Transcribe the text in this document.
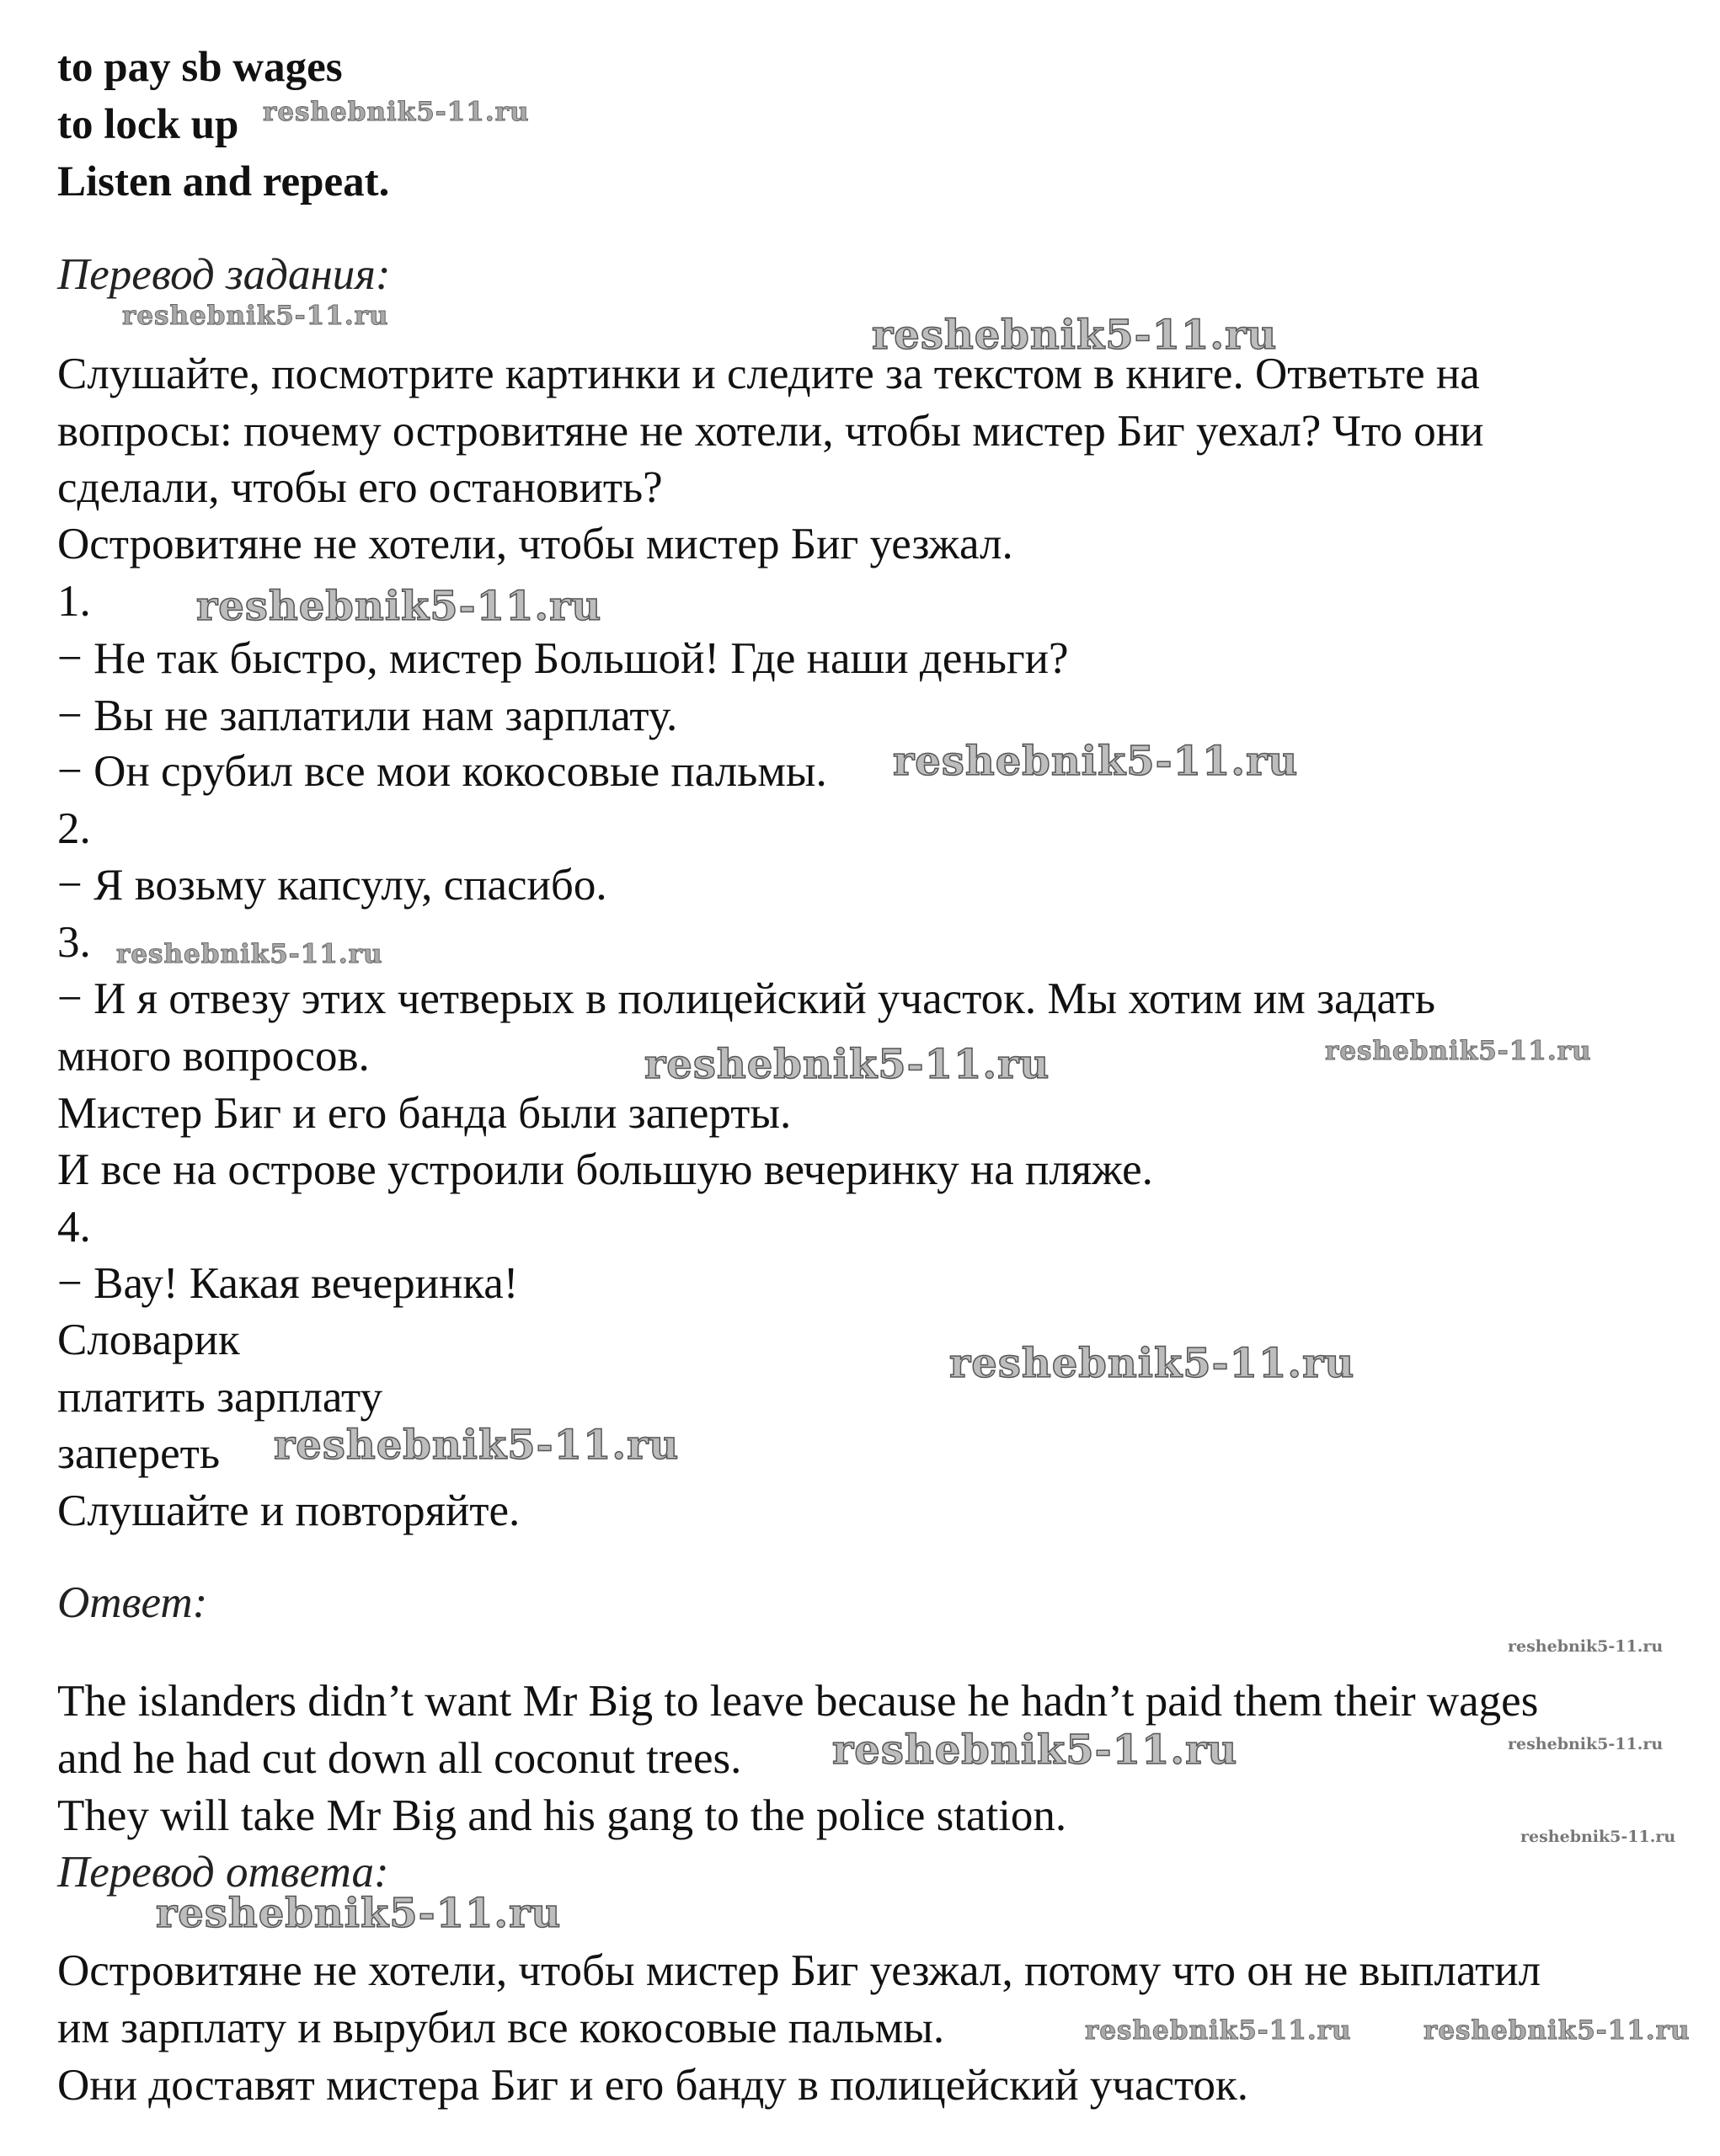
to pay sb wages
to lock up
Listen and repeat.
Перевод задания:
Слушайте, посмотрите картинки и следите за текстом в книге. Ответьте на
вопросы: почему островитяне не хотели, чтобы мистер Биг уехал? Что они
сделали, чтобы его остановить?
Островитяне не хотели, чтобы мистер Биг уезжал.
1.
− Не так быстро, мистер Большой! Где наши деньги?
− Вы не заплатили нам зарплату.
− Он срубил все мои кокосовые пальмы.
2.
− Я возьму капсулу, спасибо.
3.
− И я отвезу этих четверых в полицейский участок. Мы хотим им задать
много вопросов.
Мистер Биг и его банда были заперты.
И все на острове устроили большую вечеринку на пляже.
4.
− Вау! Какая вечеринка!
Словарик
платить зарплату
запереть
Слушайте и повторяйте.
Ответ:
The islanders didn’t want Mr Big to leave because he hadn’t paid them their wages
and he had cut down all coconut trees.
They will take Mr Big and his gang to the police station.
Перевод ответа:
Островитяне не хотели, чтобы мистер Биг уезжал, потому что он не выплатил
им зарплату и вырубил все кокосовые пальмы.
Они доставят мистера Биг и его банду в полицейский участок.
reshebnik5-11.ru
reshebnik5-11.ru	reshebnik5-11.ru
reshebnik5-11.ru
reshebnik5-11.ru
reshebnik5-11.ru
reshebnik5-11.ru	reshebnik5-11.ru
reshebnik5-11.ru
reshebnik5-11.ru
reshebnik5-11.ru
reshebnik5-11.ru	reshebnik5-11.ru
reshebnik5-11.ru
reshebnik5-11.ru
reshebnik5-11.ru	reshebnik5-11.ru
